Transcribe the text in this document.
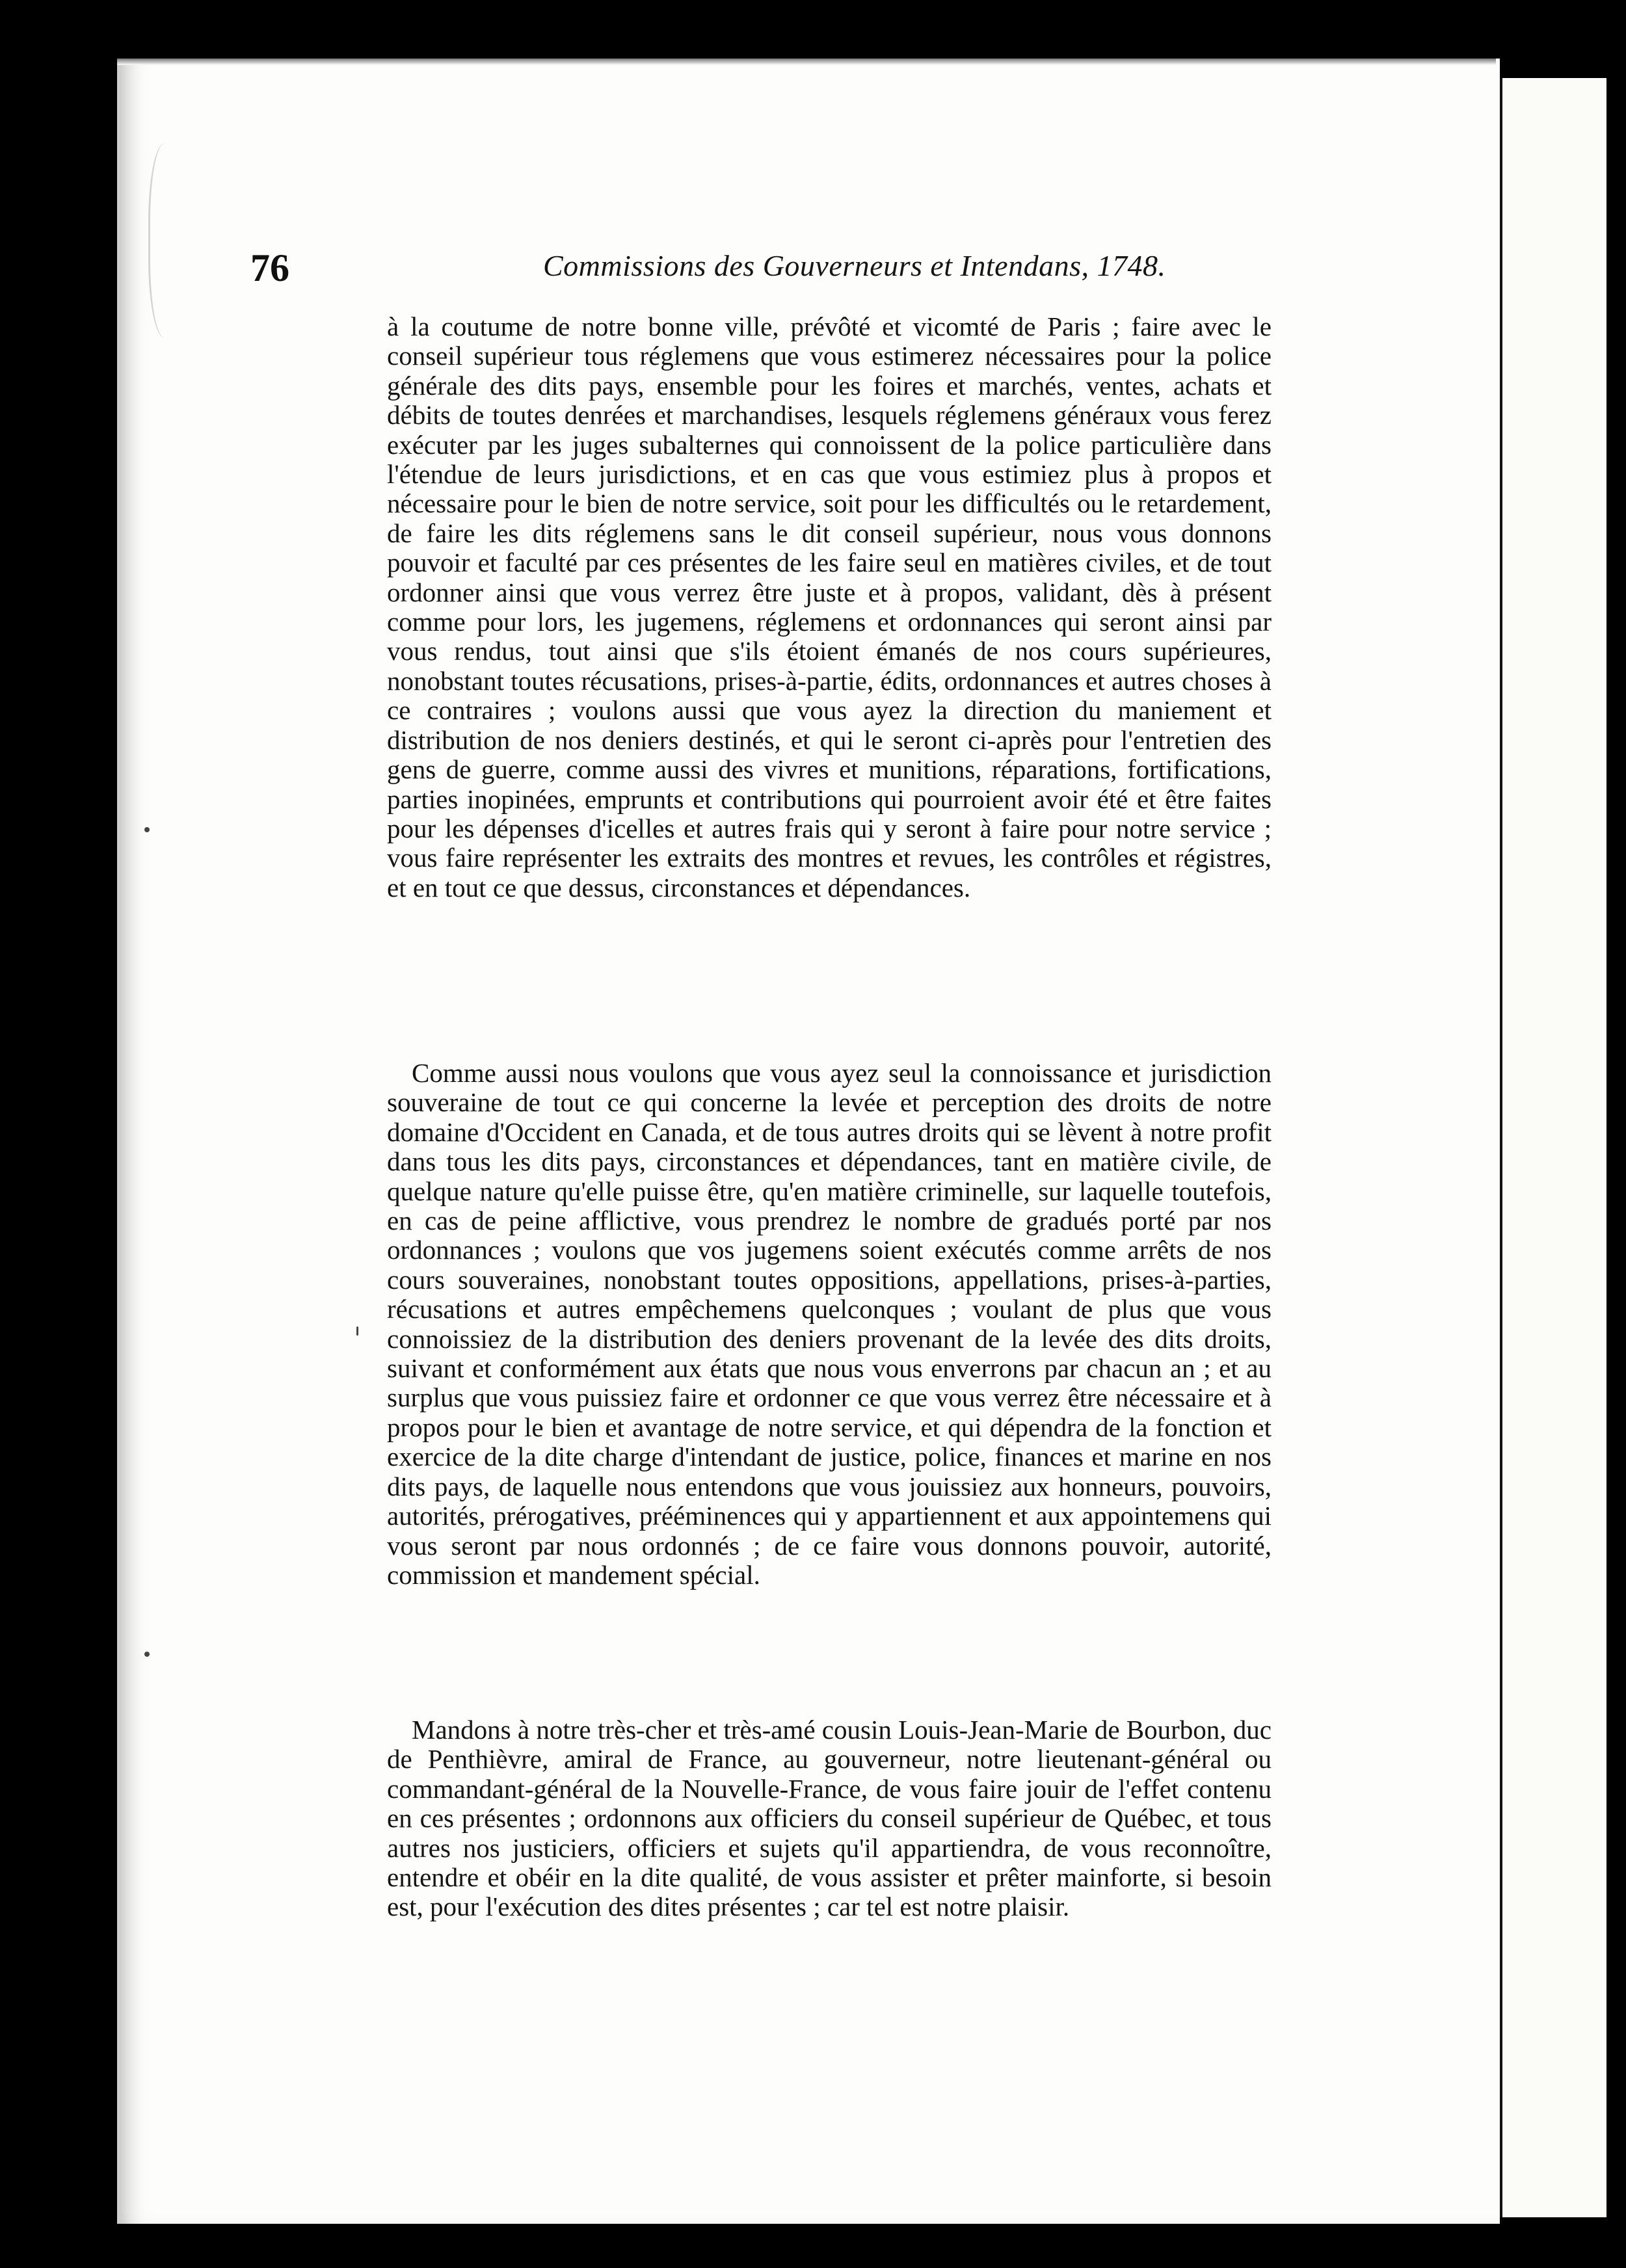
76	Commissions des Gouverneurs et Intendans, 1748.

à la coutume de notre bonne ville, prévôté et vicomté de Paris ; faire avec le conseil supérieur tous réglemens que vous estimerez nécessaires pour la police générale des dits pays, ensemble pour les foires et marchés, ventes, achats et débits de toutes denrées et marchandises, lesquels réglemens généraux vous ferez exécuter par les juges subalternes qui connoissent de la police particulière dans l'étendue de leurs jurisdictions, et en cas que vous estimiez plus à propos et nécessaire pour le bien de notre service, soit pour les difficultés ou le retardement, de faire les dits réglemens sans le dit conseil supérieur, nous vous donnons pouvoir et faculté par ces présentes de les faire seul en matières civiles, et de tout ordonner ainsi que vous verrez être juste et à propos, validant, dès à présent comme pour lors, les jugemens, réglemens et ordonnances qui seront ainsi par vous rendus, tout ainsi que s'ils étoient émanés de nos cours supérieures, nonobstant toutes récusations, prises-à-partie, édits, ordonnances et autres choses à ce contraires ; voulons aussi que vous ayez la direction du maniement et distribution de nos deniers destinés, et qui le seront ci-après pour l'entretien des gens de guerre, comme aussi des vivres et munitions, réparations, fortifications, parties inopinées, emprunts et contributions qui pourroient avoir été et être faites pour les dépenses d'icelles et autres frais qui y seront à faire pour notre service ; vous faire représenter les extraits des montres et revues, les contrôles et régistres, et en tout ce que dessus, circonstances et dépendances.

Comme aussi nous voulons que vous ayez seul la connoissance et jurisdiction souveraine de tout ce qui concerne la levée et perception des droits de notre domaine d'Occident en Canada, et de tous autres droits qui se lèvent à notre profit dans tous les dits pays, circonstances et dépendances, tant en matière civile, de quelque nature qu'elle puisse être, qu'en matière criminelle, sur laquelle toutefois, en cas de peine afflictive, vous prendrez le nombre de gradués porté par nos ordonnances ; voulons que vos jugemens soient exécutés comme arrêts de nos cours souveraines, nonobstant toutes oppositions, appellations, prises-à-parties, récusations et autres empêchemens quelconques ; voulant de plus que vous connoissiez de la distribution des deniers provenant de la levée des dits droits, suivant et conformément aux états que nous vous enverrons par chacun an ; et au surplus que vous puissiez faire et ordonner ce que vous verrez être nécessaire et à propos pour le bien et avantage de notre service, et qui dépendra de la fonction et exercice de la dite charge d'intendant de justice, police, finances et marine en nos dits pays, de laquelle nous entendons que vous jouissiez aux honneurs, pouvoirs, autorités, prérogatives, prééminences qui y appartiennent et aux appointemens qui vous seront par nous ordonnés ; de ce faire vous donnons pouvoir, autorité, commission et mandement spécial.

Mandons à notre très-cher et très-amé cousin Louis-Jean-Marie de Bourbon, duc de Penthièvre, amiral de France, au gouverneur, notre lieutenant-général ou commandant-général de la Nouvelle-France, de vous faire jouir de l'effet contenu en ces présentes ; ordonnons aux officiers du conseil supérieur de Québec, et tous autres nos justiciers, officiers et sujets qu'il appartiendra, de vous reconnoître, entendre et obéir en la dite qualité, de vous assister et prêter mainforte, si besoin est, pour l'exécution des dites présentes ; car tel est notre plaisir.
